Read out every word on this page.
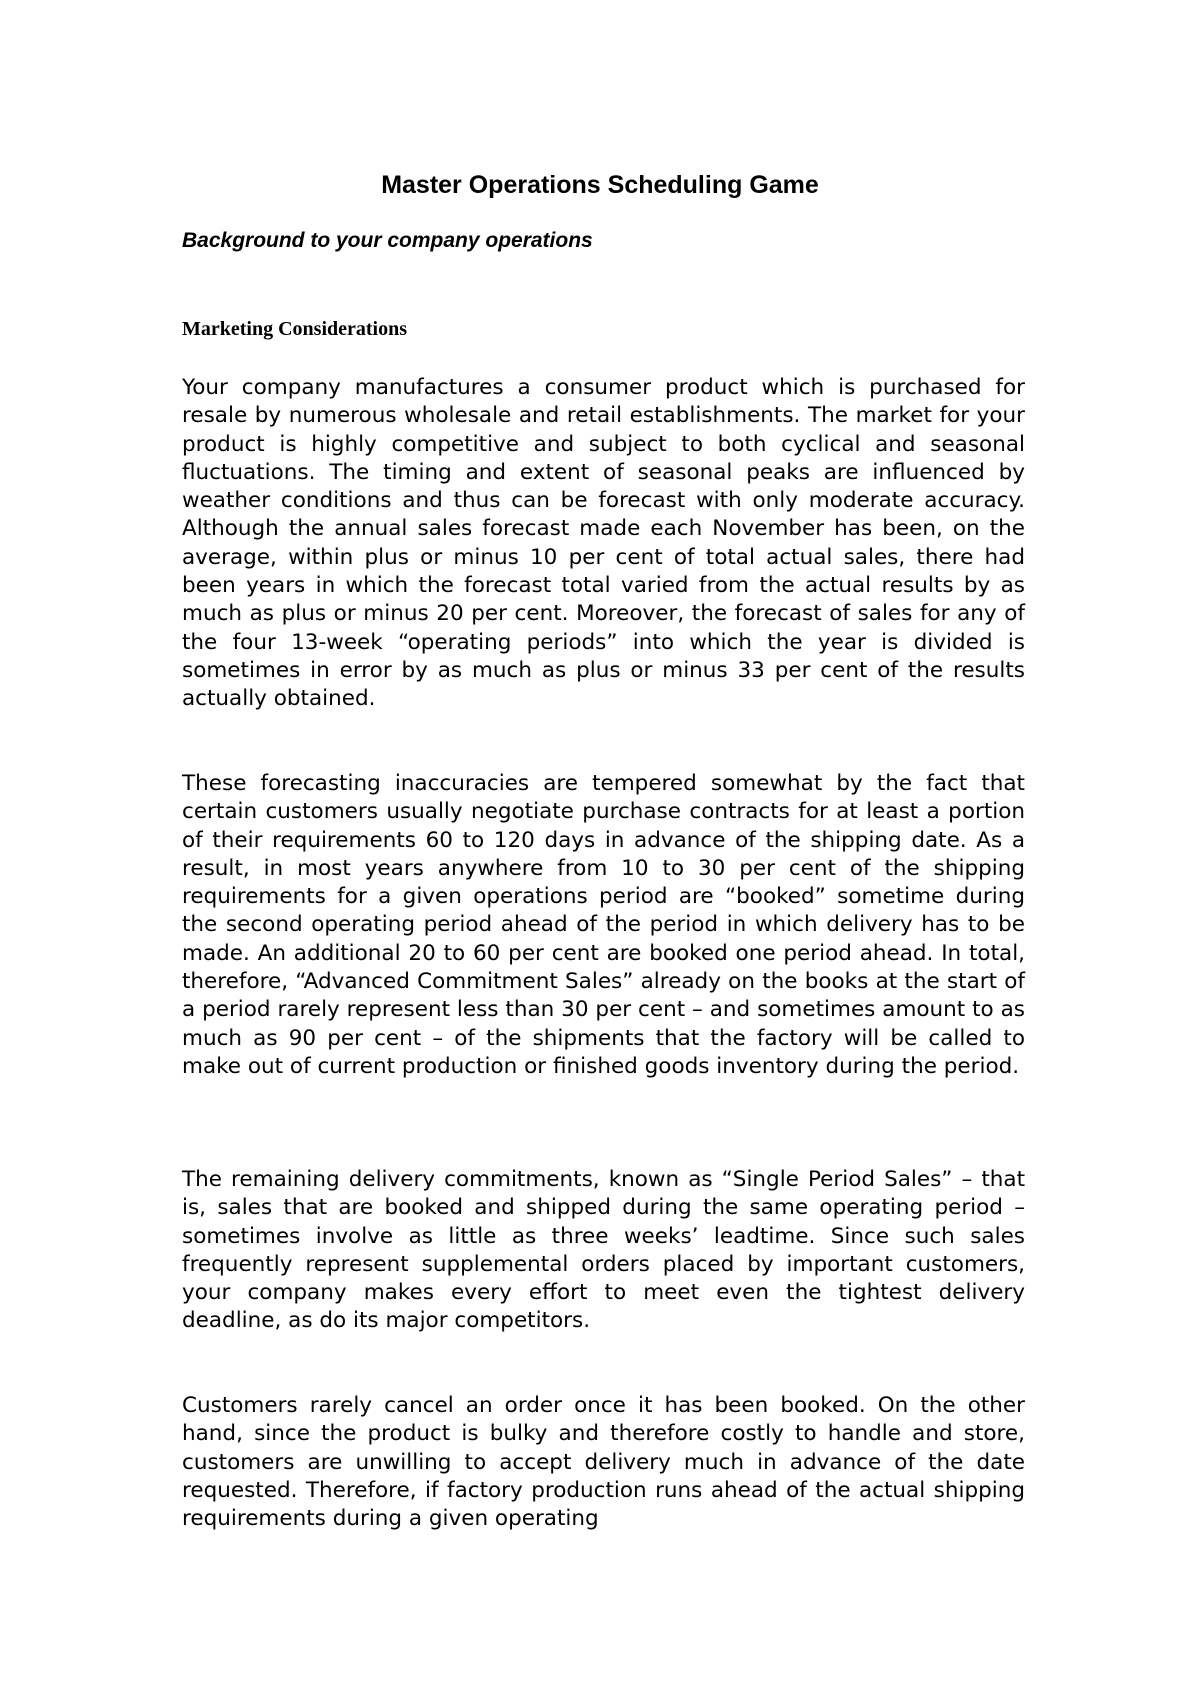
Master Operations Scheduling Game

Background to your company operations

Marketing Considerations

Your company manufactures a consumer product which is purchased for resale by numerous wholesale and retail establishments. The market for your product is highly competitive and subject to both cyclical and seasonal fluctuations. The timing and extent of seasonal peaks are influenced by weather conditions and thus can be forecast with only moderate accuracy. Although the annual sales forecast made each November has been, on the average, within plus or minus 10 per cent of total actual sales, there had been years in which the forecast total varied from the actual results by as much as plus or minus 20 per cent. Moreover, the forecast of sales for any of the four 13-week “operating periods” into which the year is divided is sometimes in error by as much as plus or minus 33 per cent of the results actually obtained.

These forecasting inaccuracies are tempered somewhat by the fact that certain customers usually negotiate purchase contracts for at least a portion of their requirements 60 to 120 days in advance of the shipping date. As a result, in most years anywhere from 10 to 30 per cent of the shipping requirements for a given operations period are “booked” sometime during the second operating period ahead of the period in which delivery has to be made. An additional 20 to 60 per cent are booked one period ahead. In total, therefore, “Advanced Commitment Sales” already on the books at the start of a period rarely represent less than 30 per cent – and sometimes amount to as much as 90 per cent – of the shipments that the factory will be called to make out of current production or finished goods inventory during the period.

The remaining delivery commitments, known as “Single Period Sales” – that is, sales that are booked and shipped during the same operating period – sometimes involve as little as three weeks’ leadtime. Since such sales frequently represent supplemental orders placed by important customers, your company makes every effort to meet even the tightest delivery deadline, as do its major competitors.

Customers rarely cancel an order once it has been booked. On the other hand, since the product is bulky and therefore costly to handle and store, customers are unwilling to accept delivery much in advance of the date requested. Therefore, if factory production runs ahead of the actual shipping requirements during a given operating
